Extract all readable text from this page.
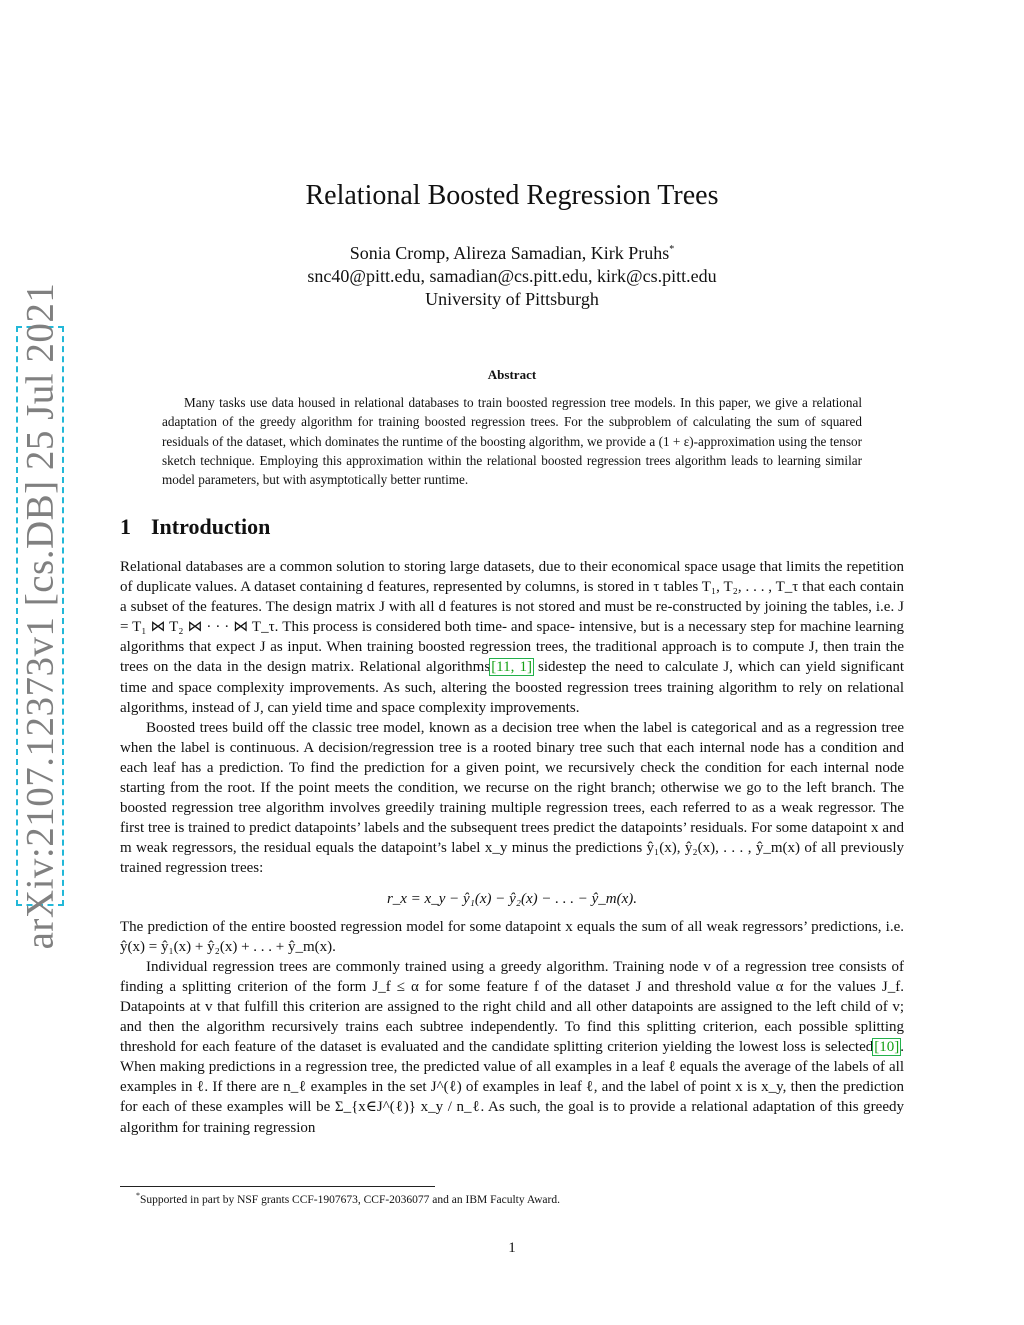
arXiv:2107.12373v1 [cs.DB] 25 Jul 2021
Relational Boosted Regression Trees
Sonia Cromp, Alireza Samadian, Kirk Pruhs*
snc40@pitt.edu, samadian@cs.pitt.edu, kirk@cs.pitt.edu
University of Pittsburgh
Abstract
Many tasks use data housed in relational databases to train boosted regression tree models. In this paper, we give a relational adaptation of the greedy algorithm for training boosted regression trees. For the subproblem of calculating the sum of squared residuals of the dataset, which dominates the runtime of the boosting algorithm, we provide a (1 + ε)-approximation using the tensor sketch technique. Employing this approximation within the relational boosted regression trees algorithm leads to learning similar model parameters, but with asymptotically better runtime.
1 Introduction

Relational databases are a common solution to storing large datasets, due to their economical space usage that limits the repetition of duplicate values. A dataset containing d features, represented by columns, is stored in τ tables T₁, T₂, . . . , T_τ that each contain a subset of the features. The design matrix J with all d features is not stored and must be re-constructed by joining the tables, i.e. J = T₁ ⋈ T₂ ⋈ · · · ⋈ T_τ. This process is considered both time- and space- intensive, but is a necessary step for machine learning algorithms that expect J as input. When training boosted regression trees, the traditional approach is to compute J, then train the trees on the data in the design matrix. Relational algorithms[11, 1] sidestep the need to calculate J, which can yield significant time and space complexity improvements. As such, altering the boosted regression trees training algorithm to rely on relational algorithms, instead of J, can yield time and space complexity improvements.

Boosted trees build off the classic tree model, known as a decision tree when the label is categorical and as a regression tree when the label is continuous. A decision/regression tree is a rooted binary tree such that each internal node has a condition and each leaf has a prediction. To find the prediction for a given point, we recursively check the condition for each internal node starting from the root. If the point meets the condition, we recurse on the right branch; otherwise we go to the left branch. The boosted regression tree algorithm involves greedily training multiple regression trees, each referred to as a weak regressor. The first tree is trained to predict datapoints’ labels and the subsequent trees predict the datapoints’ residuals. For some datapoint x and m weak regressors, the residual equals the datapoint’s label x_y minus the predictions ŷ₁(x), ŷ₂(x), . . . , ŷ_m(x) of all previously trained regression trees:

r_x = x_y − ŷ₁(x) − ŷ₂(x) − . . . − ŷ_m(x).

The prediction of the entire boosted regression model for some datapoint x equals the sum of all weak regressors’ predictions, i.e. ŷ(x) = ŷ₁(x) + ŷ₂(x) + . . . + ŷ_m(x).

Individual regression trees are commonly trained using a greedy algorithm. Training node v of a regression tree consists of finding a splitting criterion of the form J_f ≤ α for some feature f of the dataset J and threshold value α for the values J_f. Datapoints at v that fulfill this criterion are assigned to the right child and all other datapoints are assigned to the left child of v; and then the algorithm recursively trains each subtree independently. To find this splitting criterion, each possible splitting threshold for each feature of the dataset is evaluated and the candidate splitting criterion yielding the lowest loss is selected[10]. When making predictions in a regression tree, the predicted value of all examples in a leaf ℓ equals the average of the labels of all examples in ℓ. If there are n_ℓ examples in the set J^(ℓ) of examples in leaf ℓ, and the label of point x is x_y, then the prediction for each of these examples will be Σ_{x∈J^(ℓ)} x_y / n_ℓ. As such, the goal is to provide a relational adaptation of this greedy algorithm for training regression

*Supported in part by NSF grants CCF-1907673, CCF-2036077 and an IBM Faculty Award.
1
